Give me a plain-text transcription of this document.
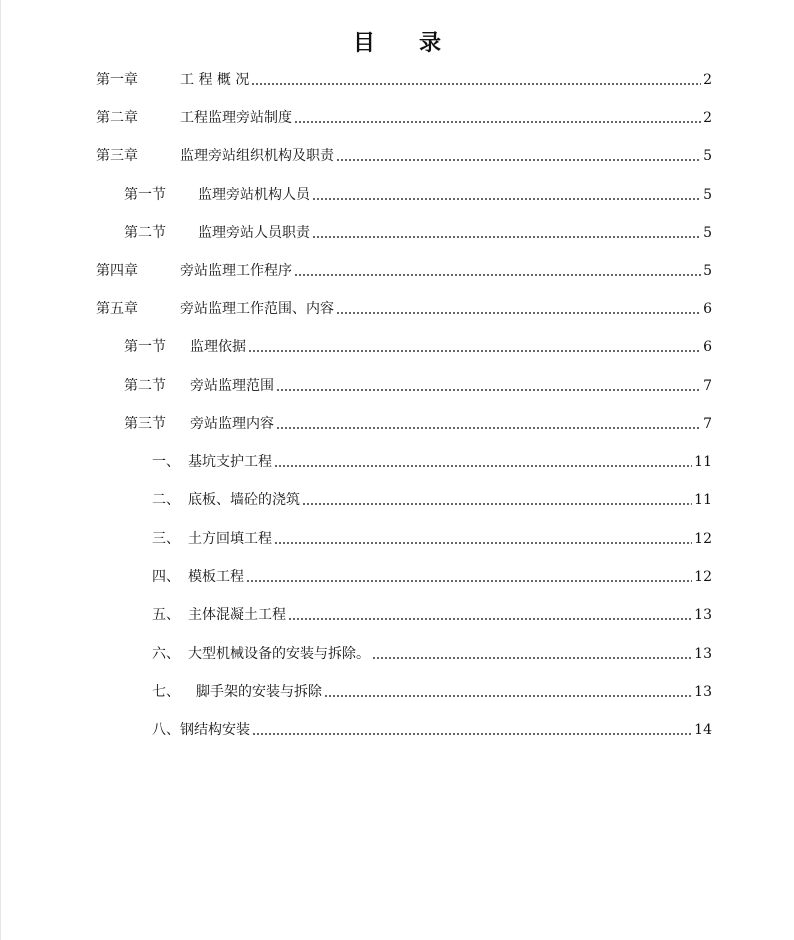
目 录
第一章	工 程 概 况	2
第二章	工程监理旁站制度	2
第三章	监理旁站组织机构及职责	5
第一节	监理旁站机构人员	5
第二节	监理旁站人员职责	5
第四章	旁站监理工作程序	5
第五章	旁站监理工作范围、内容	6
第一节	监理依据	6
第二节	旁站监理范围	7
第三节	旁站监理内容	7
一、 基坑支护工程	11
二、 底板、墙砼的浇筑	11
三、 土方回填工程	12
四、 模板工程	12
五、 主体混凝土工程	13
六、 大型机械设备的安装与拆除。	13
七、	脚手架的安装与拆除	13
八、 钢结构安装	14
